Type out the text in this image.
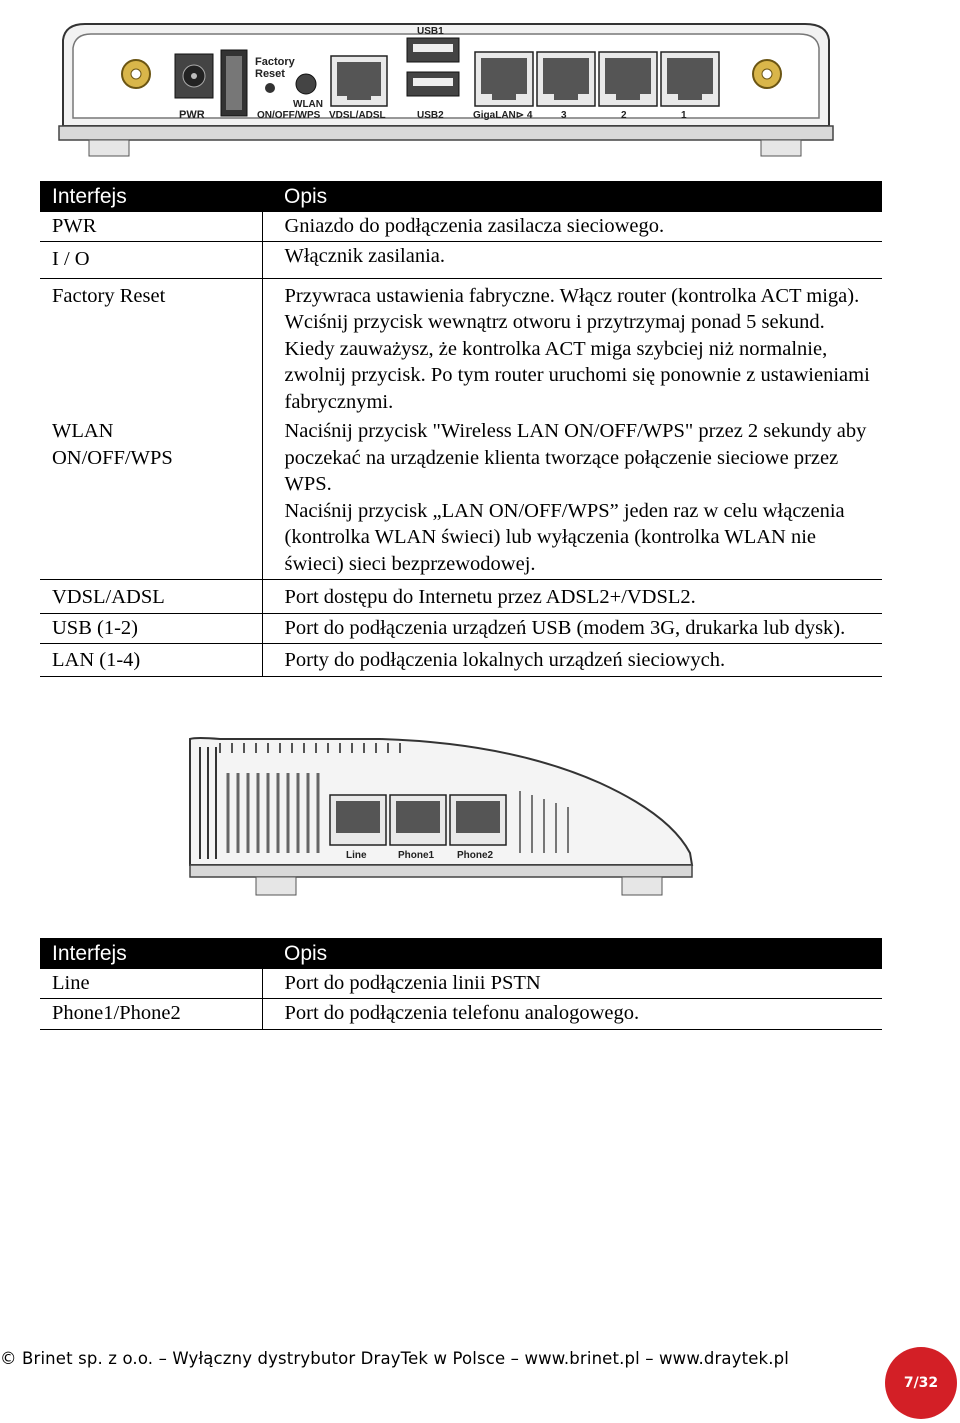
PWR
Factory
Reset
WLAN
ON/OFF/WPS VDSL/ADSL
USB1
USB2	GigaLAN⊳ 4	3	2	1
Interfejs	Opis

PWR	Gniazdo do podłączenia zasilacza sieciowego.

I / O	Włącznik zasilania.

Factory Reset	Przywraca ustawienia fabryczne. Włącz router (kontrolka ACT miga). Wciśnij przycisk wewnątrz otworu i przytrzymaj ponad 5 sekund. Kiedy zauważysz, że kontrolka ACT miga szybciej niż normalnie, zwolnij przycisk. Po tym router uruchomi się ponownie z ustawieniami fabrycznymi.

WLAN
ON/OFF/WPS	Naciśnij przycisk "Wireless LAN ON/OFF/WPS" przez 2 sekundy aby poczekać na urządzenie klienta tworzące połączenie sieciowe przez WPS.
Naciśnij przycisk „LAN ON/OFF/WPS” jeden raz w celu włączenia (kontrolka WLAN świeci) lub wyłączenia (kontrolka WLAN nie świeci) sieci bezprzewodowej.

VDSL/ADSL	Port dostępu do Internetu przez ADSL2+/VDSL2.

USB (1-2)	Port do podłączenia urządzeń USB (modem 3G, drukarka lub dysk).

LAN (1-4)	Porty do podłączenia lokalnych urządzeń sieciowych.
Line	Phone1 Phone2
Interfejs	Opis

Line	Port do podłączenia linii PSTN

Phone1/Phone2	Port do podłączenia telefonu analogowego.
© Brinet sp. z o.o. – Wyłączny dystrybutor DrayTek w Polsce – www.brinet.pl – www.draytek.pl
7/32
